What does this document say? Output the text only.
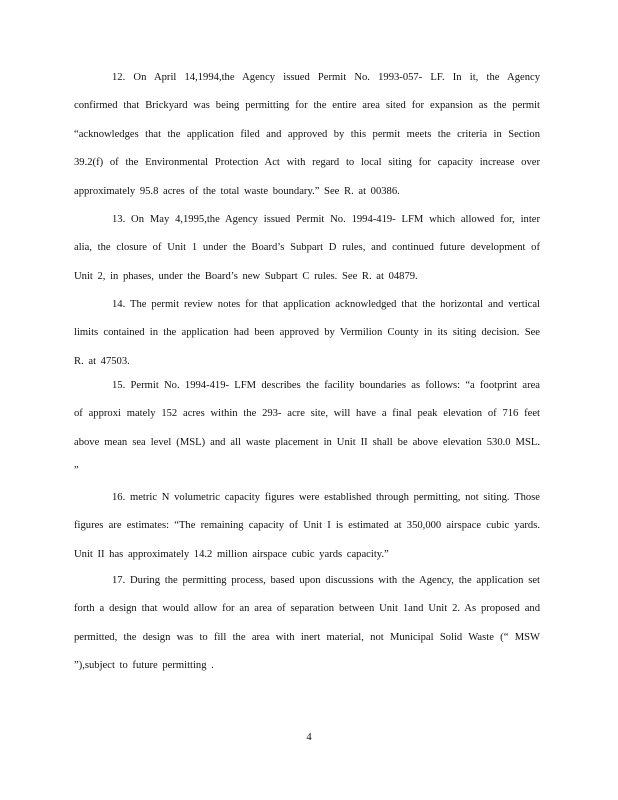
12. On April 14,1994,the Agency issued Permit No. 1993-057- LF. In it, the Agency confirmed that Brickyard was being permitting for the entire area sited for expansion as the permit “acknowledges that the application filed and approved by this permit meets the criteria in Section 39.2(f) of the Environmental Protection Act with regard to local siting for capacity increase over approximately 95.8 acres of the total waste boundary.” See R. at 00386.
13. On May 4,1995,the Agency issued Permit No. 1994-419- LFM which allowed for, inter alia, the closure of Unit 1 under the Board’s Subpart D rules, and continued future development of Unit 2, in phases, under the Board’s new Subpart C rules. See R. at 04879.
14. The permit review notes for that application acknowledged that the horizontal and vertical limits contained in the application had been approved by Vermilion County in its siting decision. See R. at 47503.
15. Permit No. 1994-419- LFM describes the facility boundaries as follows: “a footprint area of approxi mately 152 acres within the 293- acre site, will have a final peak elevation of 716 feet above mean sea level (MSL) and all waste placement in Unit II shall be above elevation 530.0 MSL. ”
16. metric N volumetric capacity figures were established through permitting, not siting. Those figures are estimates: “The remaining capacity of Unit I is estimated at 350,000 airspace cubic yards. Unit II has approximately 14.2 million airspace cubic yards capacity.”
17. During the permitting process, based upon discussions with the Agency, the application set forth a design that would allow for an area of separation between Unit 1and Unit 2. As proposed and permitted, the design was to fill the area with inert material, not Municipal Solid Waste (“ MSW ”),subject to future permitting .
4
